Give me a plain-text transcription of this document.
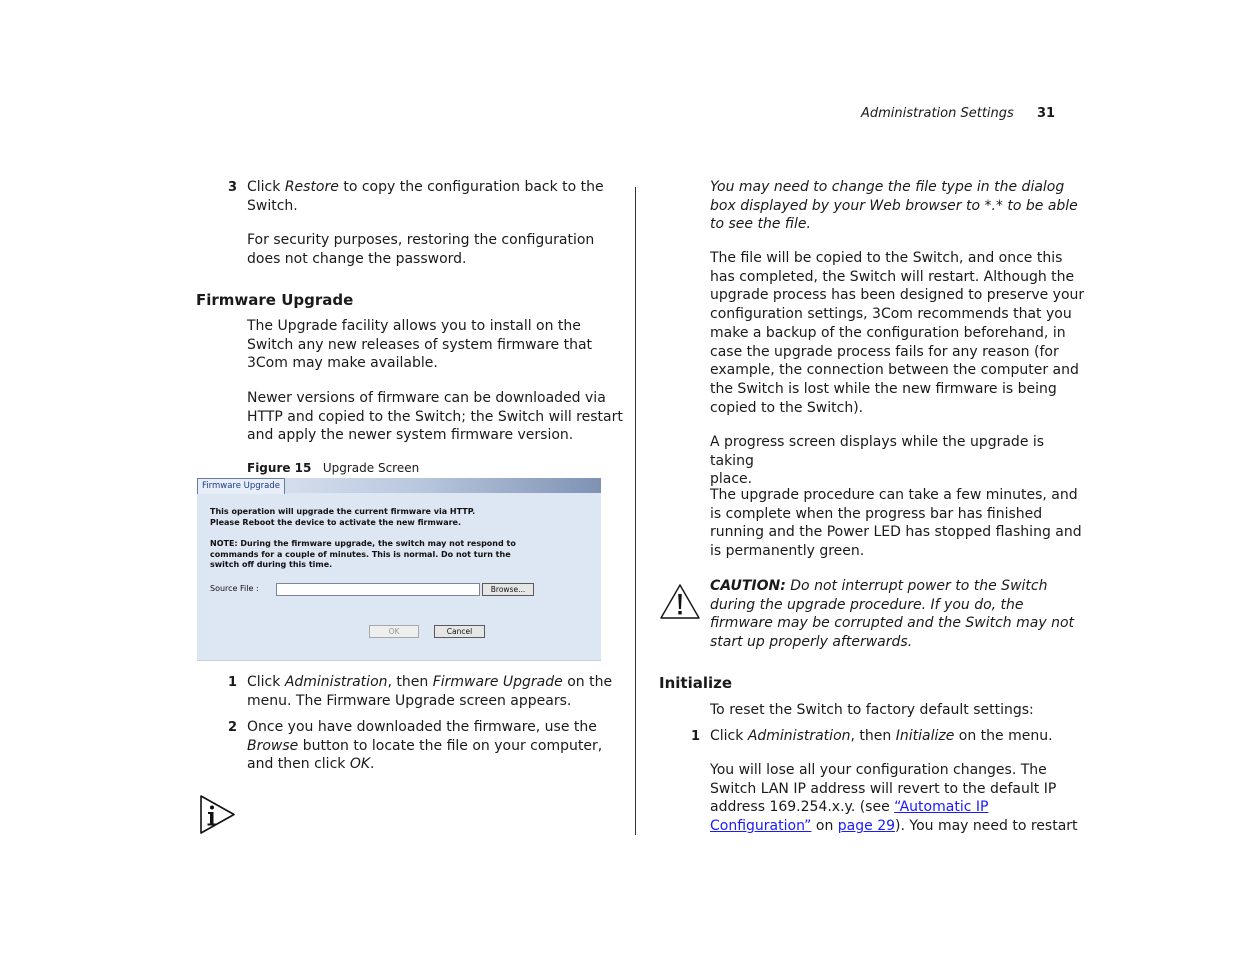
Administration Settings 31
3 Click Restore to copy the configuration back to the
Switch.
For security purposes, restoring the configuration
does not change the password.
Firmware Upgrade
The Upgrade facility allows you to install on the
Switch any new releases of system firmware that
3Com may make available.
Newer versions of firmware can be downloaded via
HTTP and copied to the Switch; the Switch will restart
and apply the newer system firmware version.
Figure 15 Upgrade Screen
Firmware Upgrade
This operation will upgrade the current firmware via HTTP.
Please Reboot the device to activate the new firmware.
NOTE: During the firmware upgrade, the switch may not respond to
commands for a couple of minutes. This is normal. Do not turn the
switch off during this time.
Source File :	Browse...
OK	Cancel
1 Click Administration, then Firmware Upgrade on the
menu. The Firmware Upgrade screen appears.
2 Once you have downloaded the firmware, use the
Browse button to locate the file on your computer,
and then click OK.
You may need to change the file type in the dialog
box displayed by your Web browser to *.* to be able
to see the file.
The file will be copied to the Switch, and once this
has completed, the Switch will restart. Although the
upgrade process has been designed to preserve your
configuration settings, 3Com recommends that you
make a backup of the configuration beforehand, in
case the upgrade process fails for any reason (for
example, the connection between the computer and
the Switch is lost while the new firmware is being
copied to the Switch).
A progress screen displays while the upgrade is taking
place.
The upgrade procedure can take a few minutes, and
is complete when the progress bar has finished
running and the Power LED has stopped flashing and
is permanently green.
CAUTION: Do not interrupt power to the Switch
during the upgrade procedure. If you do, the
firmware may be corrupted and the Switch may not
start up properly afterwards.
Initialize
To reset the Switch to factory default settings:
1 Click Administration, then Initialize on the menu.
You will lose all your configuration changes. The
Switch LAN IP address will revert to the default IP
address 169.254.x.y. (see “Automatic IP
Configuration” on page 29). You may need to restart
